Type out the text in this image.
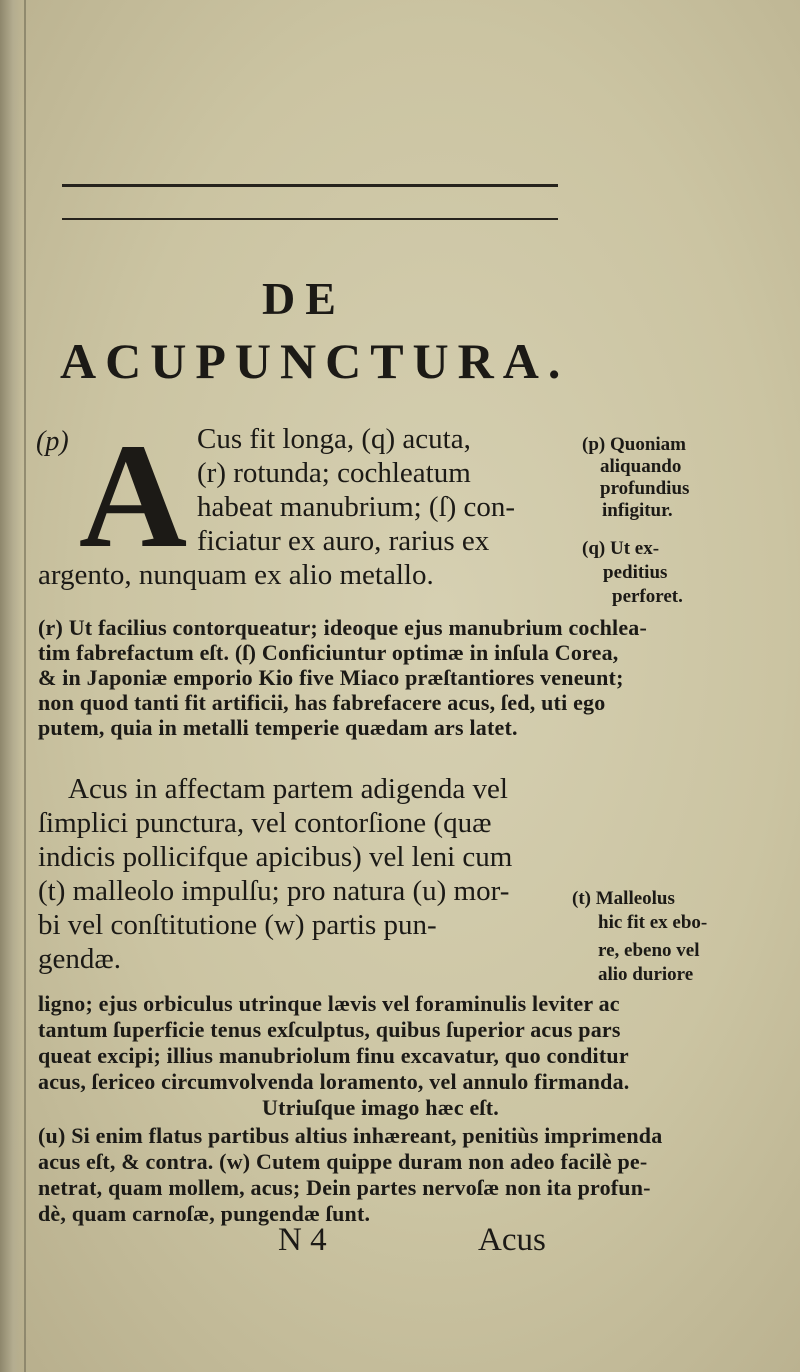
DE
ACUPUNCTURA.
(p) A Cus fit longa, (q) acuta,
(r) rotunda; cochleatum
habeat manubrium; (ſ) con-
ficiatur ex auro, rarius ex
argento, nunquam ex alio metallo.
(p) Quoniam
aliquando
profundius
infigitur.
(q) Ut ex-
peditius
perforet.
(r) Ut facilius contorqueatur; ideoque ejus manubrium cochlea-
tim fabrefactum eſt. (ſ) Conficiuntur optimæ in inſula Corea,
& in Japoniæ emporio Kio five Miaco præſtantiores veneunt;
non quod tanti fit artificii, has fabrefacere acus, ſed, uti ego
putem, quia in metalli temperie quædam ars latet.
Acus in affectam partem adigenda vel
ſimplici punctura, vel contorſione (quæ
indicis pollicifque apicibus) vel leni cum
(t) malleolo impulſu; pro natura (u) mor-
bi vel conſtitutione (w) partis pun-
gendæ.
(t) Malleolus
hic fit ex ebo-
re, ebeno vel
alio duriore
ligno; ejus orbiculus utrinque lævis vel foraminulis leviter ac
tantum ſuperficie tenus exſculptus, quibus ſuperior acus pars
queat excipi; illius manubriolum finu excavatur, quo conditur
acus, ſericeo circumvolvenda loramento, vel annulo firmanda.
Utriuſque imago hæc eſt.
(u) Si enim flatus partibus altius inhæreant, penitiùs imprimenda
acus eſt, & contra. (w) Cutem quippe duram non adeo facilè pe-
netrat, quam mollem, acus; Dein partes nervoſæ non ita profun-
dè, quam carnoſæ, pungendæ ſunt.
N 4	Acus
